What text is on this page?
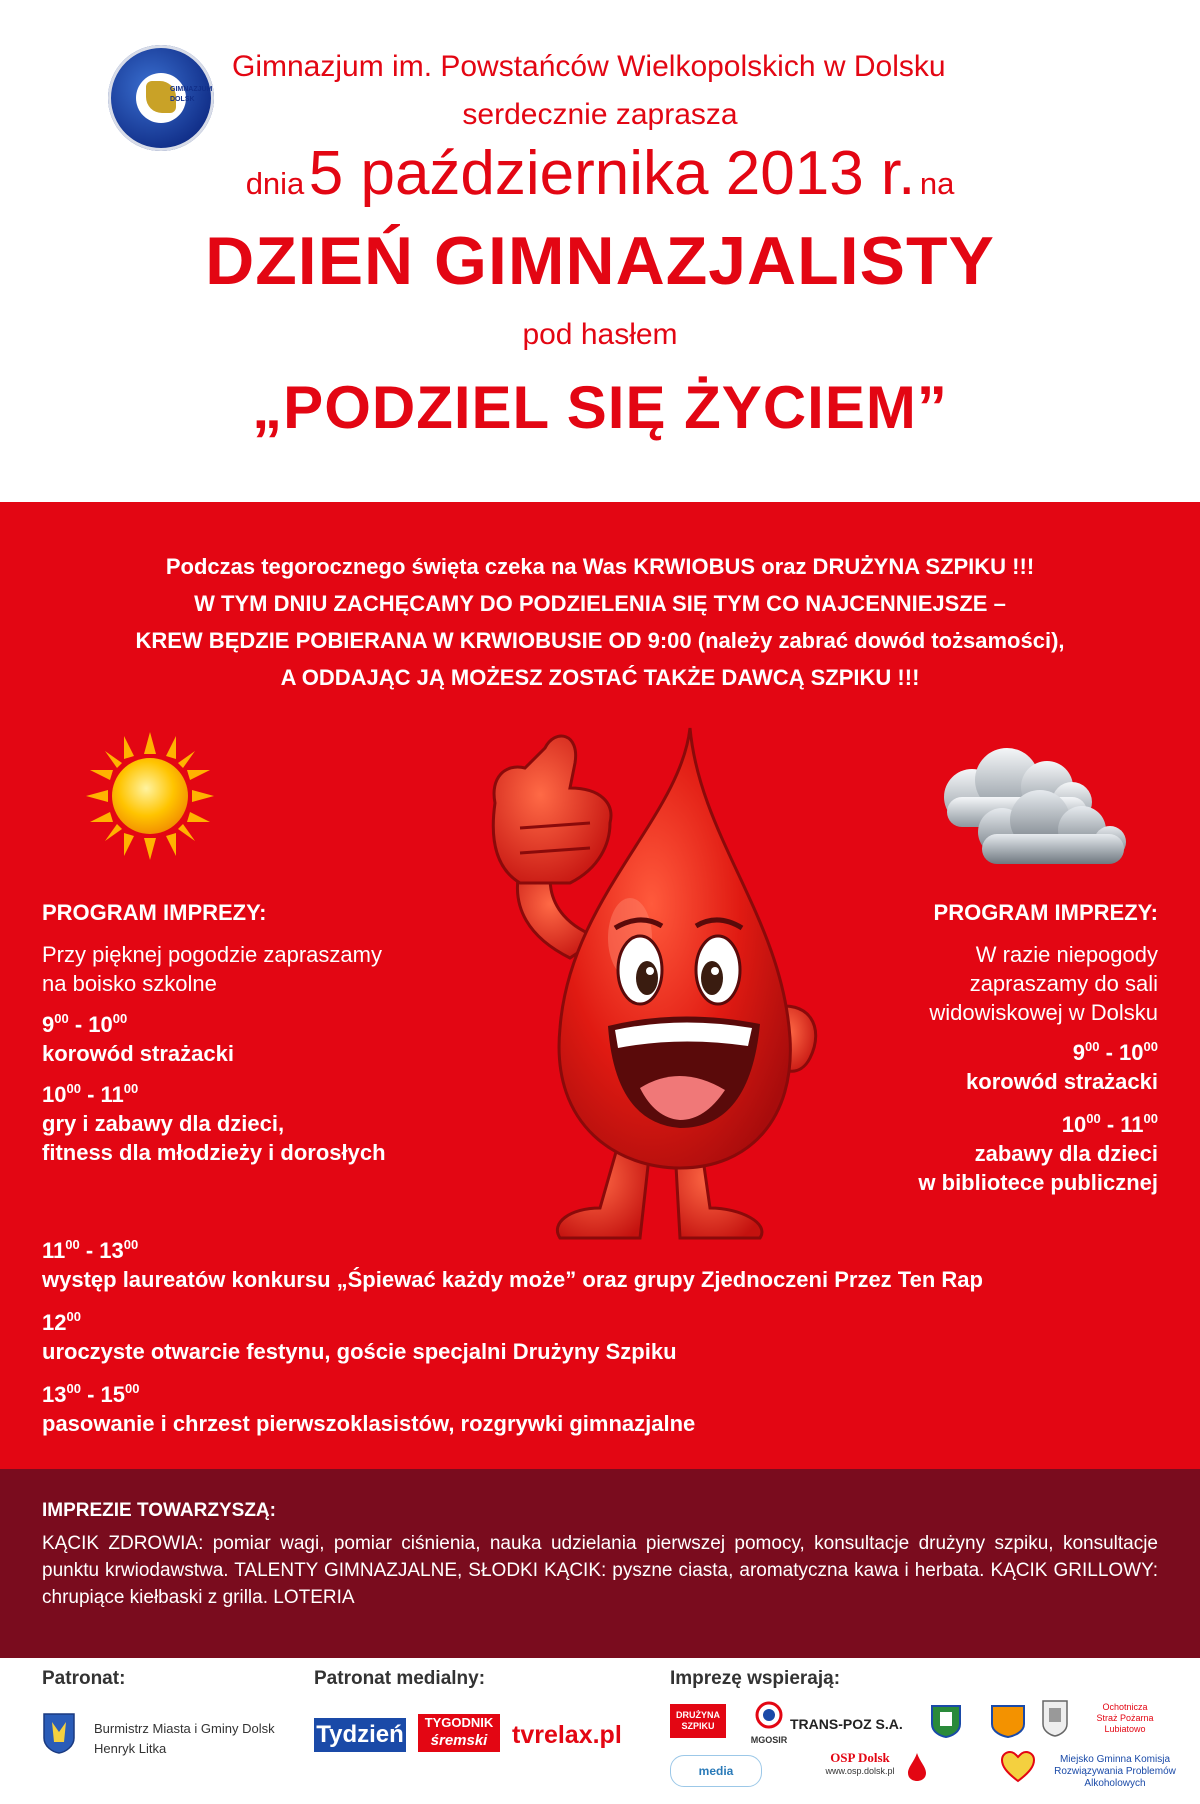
GIMNAZJUM DOLSK
Gimnazjum im. Powstańców Wielkopolskich w Dolsku
serdecznie zaprasza
dnia 5 października 2013 r. na
DZIEŃ GIMNAZJALISTY
pod hasłem
„PODZIEL SIĘ ŻYCIEM”
Podczas tegorocznego święta czeka na Was KRWIOBUS oraz DRUŻYNA SZPIKU !!!
W TYM DNIU ZACHĘCAMY DO PODZIELENIA SIĘ TYM CO NAJCENNIEJSZE –
KREW BĘDZIE POBIERANA W KRWIOBUSIE OD 9:00 (należy zabrać dowód tożsamości),
A ODDAJĄC JĄ MOŻESZ ZOSTAĆ TAKŻE DAWCĄ SZPIKU !!!
PROGRAM IMPREZY:
Przy pięknej pogodzie zapraszamy
na boisko szkolne
$9^{00} - 10^{00}$
korowód strażacki
$10^{00} - 11^{00}$
gry i zabawy dla dzieci,
fitness dla młodzieży i dorosłych
PROGRAM IMPREZY:
W razie niepogody
zapraszamy do sali
widowiskowej w Dolsku
$9^{00} - 10^{00}$
korowód strażacki
$10^{00} - 11^{00}$
zabawy dla dzieci
w bibliotece publicznej
$11^{00} - 13^{00}$
występ laureatów konkursu „Śpiewać każdy może” oraz grupy Zjednoczeni Przez Ten Rap
$12^{00}$
uroczyste otwarcie festynu, goście specjalni Drużyny Szpiku
$13^{00} - 15^{00}$
pasowanie i chrzest pierwszoklasistów, rozgrywki gimnazjalne
IMPREZIE TOWARZYSZĄ:
KĄCIK ZDROWIA: pomiar wagi, pomiar ciśnienia, nauka udzielania pierwszej pomocy, konsultacje drużyny szpiku, konsultacje punktu krwiodawstwa. TALENTY GIMNAZJALNE, SŁODKI KĄCIK: pyszne ciasta, aromatyczna kawa i herbata. KĄCIK GRILLOWY: chrupiące kiełbaski z grilla. LOTERIA
Patronat:
Burmistrz Miasta i Gminy Dolsk
Henryk Litka
Patronat medialny:
Tydzień	TYGODNIK
śremski tvrelax.pl
Imprezę wspierają:
DRUŻYNA SZPIKU
MGOSIR
TRANS-POZ S.A.
Ochotnicza
Straż Pożarna
Lubiatowo
media
OSP Dolsk
www.osp.dolsk.pl
Miejsko Gminna Komisja
Rozwiązywania Problemów
Alkoholowych
